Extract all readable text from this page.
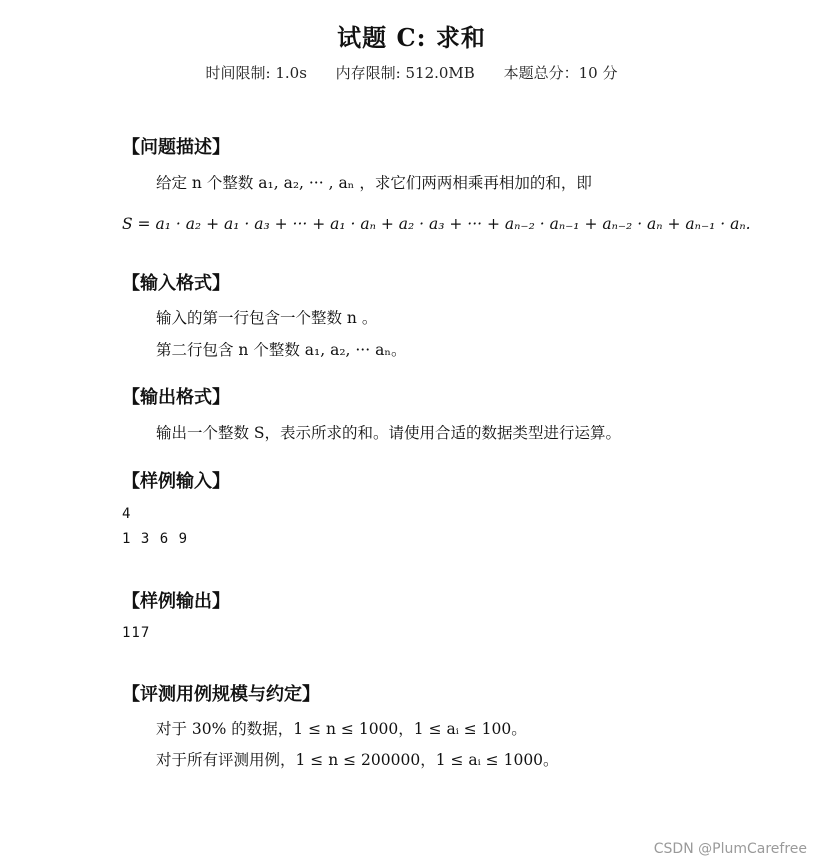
试题 C: 求和
时间限制: 1.0s 内存限制: 512.0MB 本题总分：10 分
【问题描述】
给定 n 个整数 a₁, a₂, ··· , aₙ ，求它们两两相乘再相加的和，即
S = a₁ · a₂ + a₁ · a₃ + ··· + a₁ · aₙ + a₂ · a₃ + ··· + aₙ₋₂ · aₙ₋₁ + aₙ₋₂ · aₙ + aₙ₋₁ · aₙ.
【输入格式】
输入的第一行包含一个整数 n 。
第二行包含 n 个整数 a₁, a₂, ··· aₙ。
【输出格式】
输出一个整数 S，表示所求的和。请使用合适的数据类型进行运算。
【样例输入】
4
1 3 6 9
【样例输出】
117
【评测用例规模与约定】
对于 30% 的数据，1 ≤ n ≤ 1000，1 ≤ aᵢ ≤ 100。
对于所有评测用例，1 ≤ n ≤ 200000，1 ≤ aᵢ ≤ 1000。
CSDN @PlumCarefree
